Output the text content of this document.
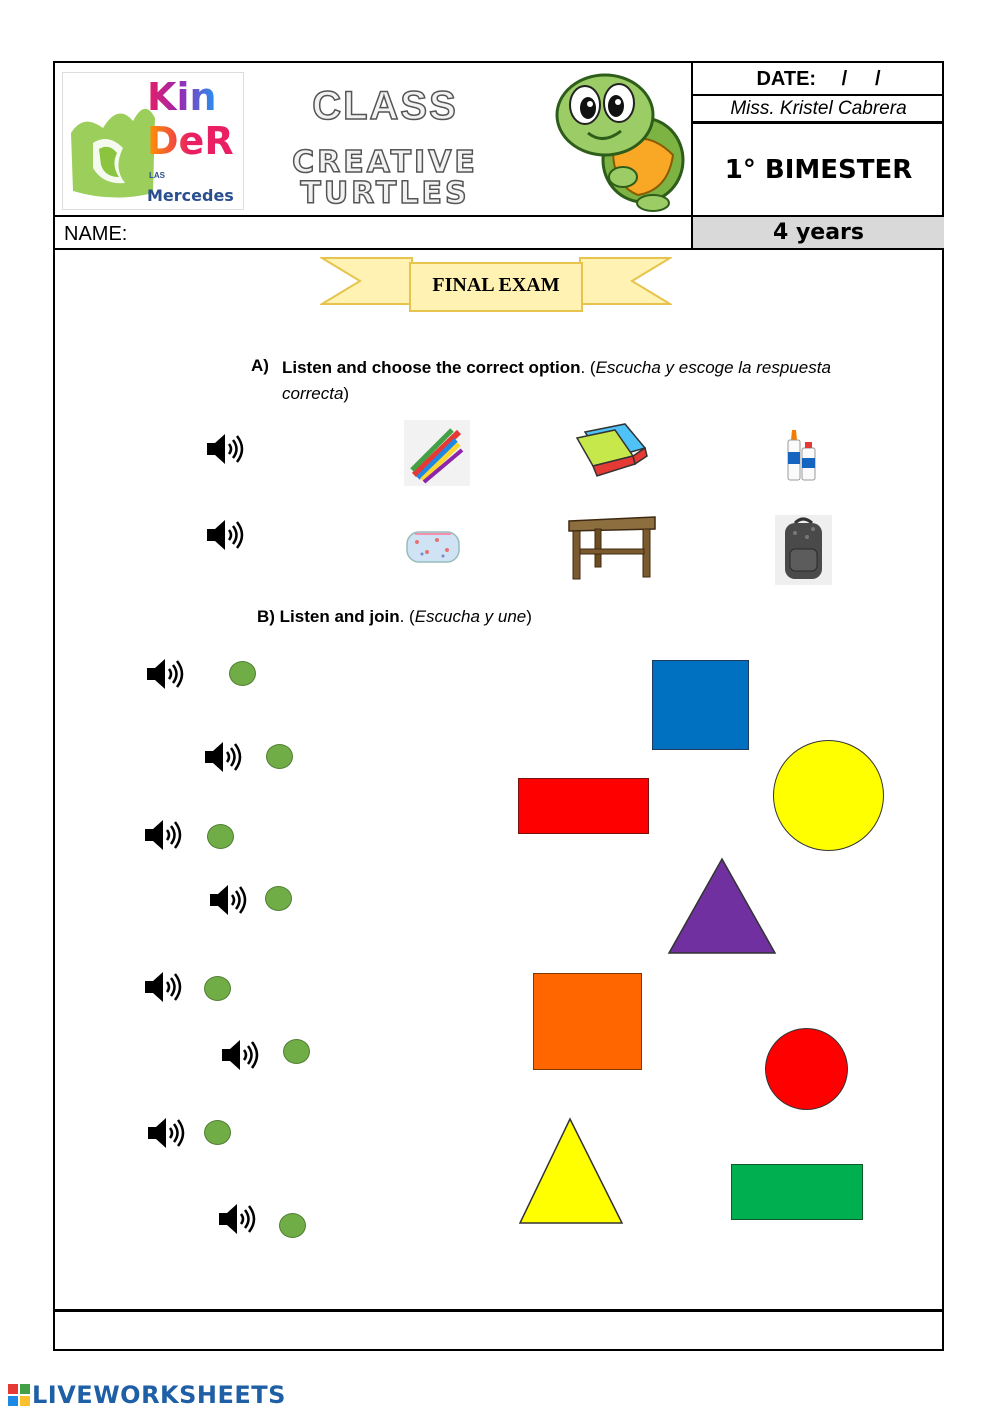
Kin
DeR
LAS
Mercedes
CLASS
CREATIVE
TURTLES
DATE: /     /
Miss. Kristel Cabrera
1° BIMESTER
NAME:	4 years
FINAL EXAM
A) Listen and choose the correct option. (Escucha y escoge la respuesta
correcta)
B) Listen and join. (Escucha y une)
LIVEWORKSHEETS
